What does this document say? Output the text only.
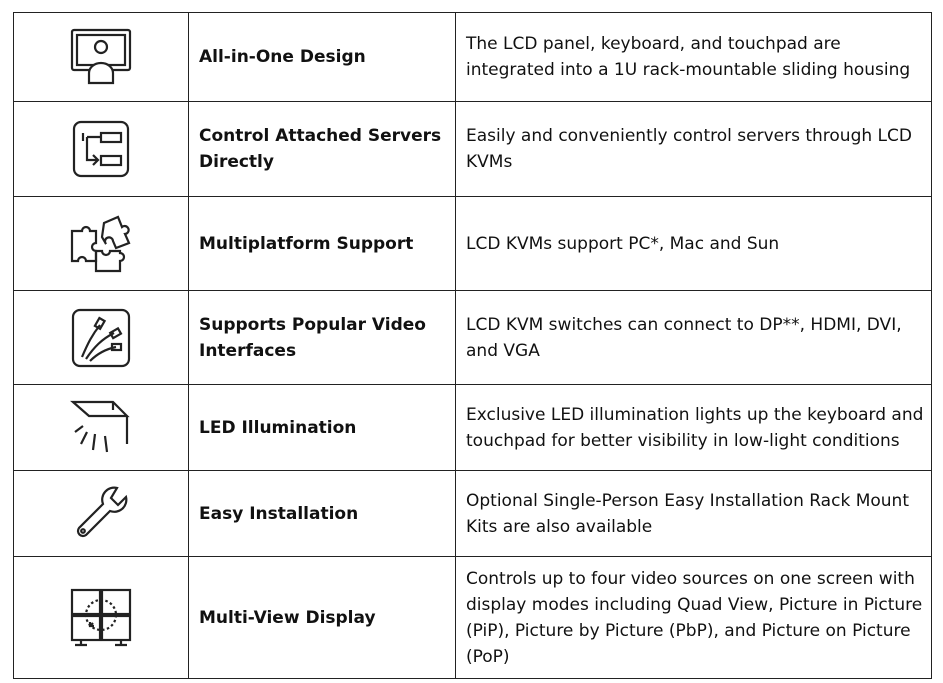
	All-in-One Design	The LCD panel, keyboard, and touchpad are integrated into a 1U rack-mountable sliding housing

	Control Attached Servers Directly	Easily and conveniently control servers through LCD KVMs

	Multiplatform Support	LCD KVMs support PC*, Mac and Sun

	Supports Popular Video Interfaces	LCD KVM switches can connect to DP**, HDMI, DVI, and VGA

	LED Illumination	Exclusive LED illumination lights up the keyboard and touchpad for better visibility in low-light conditions

	Easy Installation	Optional Single-Person Easy Installation Rack Mount Kits are also available

	Multi-View Display	Controls up to four video sources on one screen with display modes including Quad View, Picture in Picture (PiP), Picture by Picture (PbP), and Picture on Picture (PoP)
